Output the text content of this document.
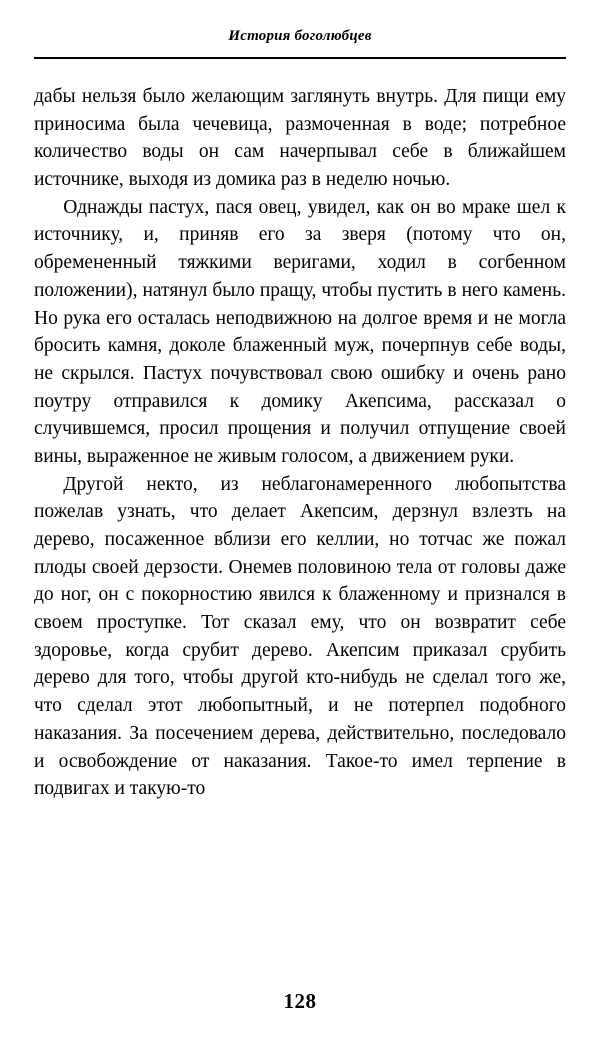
История боголюбцев

дабы нельзя было желающим заглянуть внутрь. Для пищи ему приносима была чечевица, размоченная в воде; потребное количество воды он сам начерпывал себе в ближайшем источнике, выходя из домика раз в неделю ночью.

Однажды пастух, пася овец, увидел, как он во мраке шел к источнику, и, приняв его за зверя (потому что он, обремененный тяжкими веригами, ходил в согбенном положении), натянул было пращу, чтобы пустить в него камень. Но рука его осталась неподвижною на долгое время и не могла бросить камня, доколе блаженный муж, почерпнув себе воды, не скрылся. Пастух почувствовал свою ошибку и очень рано поутру отправился к домику Акепсима, рассказал о случившемся, просил прощения и получил отпущение своей вины, выраженное не живым голосом, а движением руки.

Другой некто, из неблагонамеренного любопытства пожелав узнать, что делает Акепсим, дерзнул взлезть на дерево, посаженное вблизи его келлии, но тотчас же пожал плоды своей дерзости. Онемев половиною тела от головы даже до ног, он с покорностию явился к блаженному и признался в своем проступке. Тот сказал ему, что он возвратит себе здоровье, когда срубит дерево. Акепсим приказал срубить дерево для того, чтобы другой кто-нибудь не сделал того же, что сделал этот любопытный, и не потерпел подобного наказания. За посечением дерева, действительно, последовало и освобождение от наказания. Такое-то имел терпение в подвигах и такую-то

128
